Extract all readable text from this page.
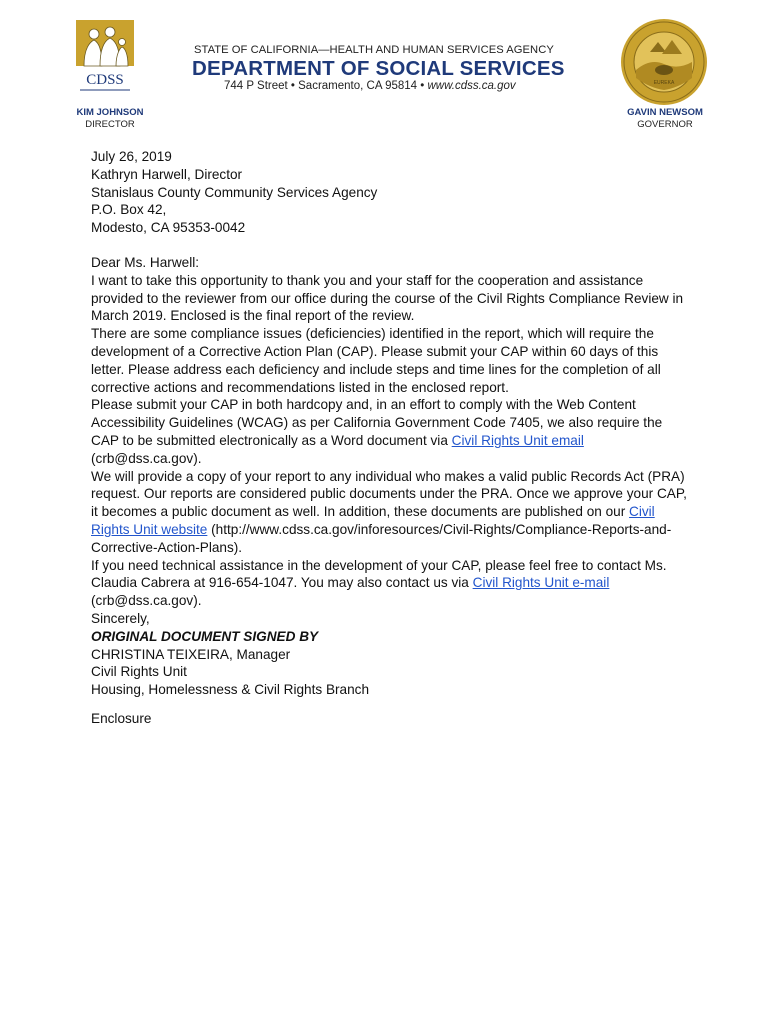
CDSS
STATE OF CALIFORNIA—HEALTH AND HUMAN SERVICES AGENCY
DEPARTMENT OF SOCIAL SERVICES
744 P Street • Sacramento, CA 95814 • www.cdss.ca.gov
KIM JOHNSON
DIRECTOR
EUREKA
GAVIN NEWSOM
GOVERNOR

July 26, 2019

Kathryn Harwell, Director

Stanislaus County Community Services Agency

P.O. Box 42,

Modesto, CA 95353-0042

Dear Ms. Harwell:

I want to take this opportunity to thank you and your staff for the cooperation and assistance provided to the reviewer from our office during the course of the Civil Rights Compliance Review in March 2019. Enclosed is the final report of the review.

There are some compliance issues (deficiencies) identified in the report, which will require the development of a Corrective Action Plan (CAP). Please submit your CAP within 60 days of this letter. Please address each deficiency and include steps and time lines for the completion of all corrective actions and recommendations listed in the enclosed report.

Please submit your CAP in both hardcopy and, in an effort to comply with the Web Content Accessibility Guidelines (WCAG) as per California Government Code 7405, we also require the CAP to be submitted electronically as a Word document via Civil Rights Unit email (crb@dss.ca.gov).

We will provide a copy of your report to any individual who makes a valid public Records Act (PRA) request. Our reports are considered public documents under the PRA. Once we approve your CAP, it becomes a public document as well. In addition, these documents are published on our Civil Rights Unit website (http://www.cdss.ca.gov/inforesources/Civil-Rights/Compliance-Reports-and-Corrective-Action-Plans).

If you need technical assistance in the development of your CAP, please feel free to contact Ms. Claudia Cabrera at 916-654-1047. You may also contact us via Civil Rights Unit e-mail (crb@dss.ca.gov).

Sincerely,

ORIGINAL DOCUMENT SIGNED BY

CHRISTINA TEIXEIRA, Manager

Civil Rights Unit

Housing, Homelessness & Civil Rights Branch

Enclosure
